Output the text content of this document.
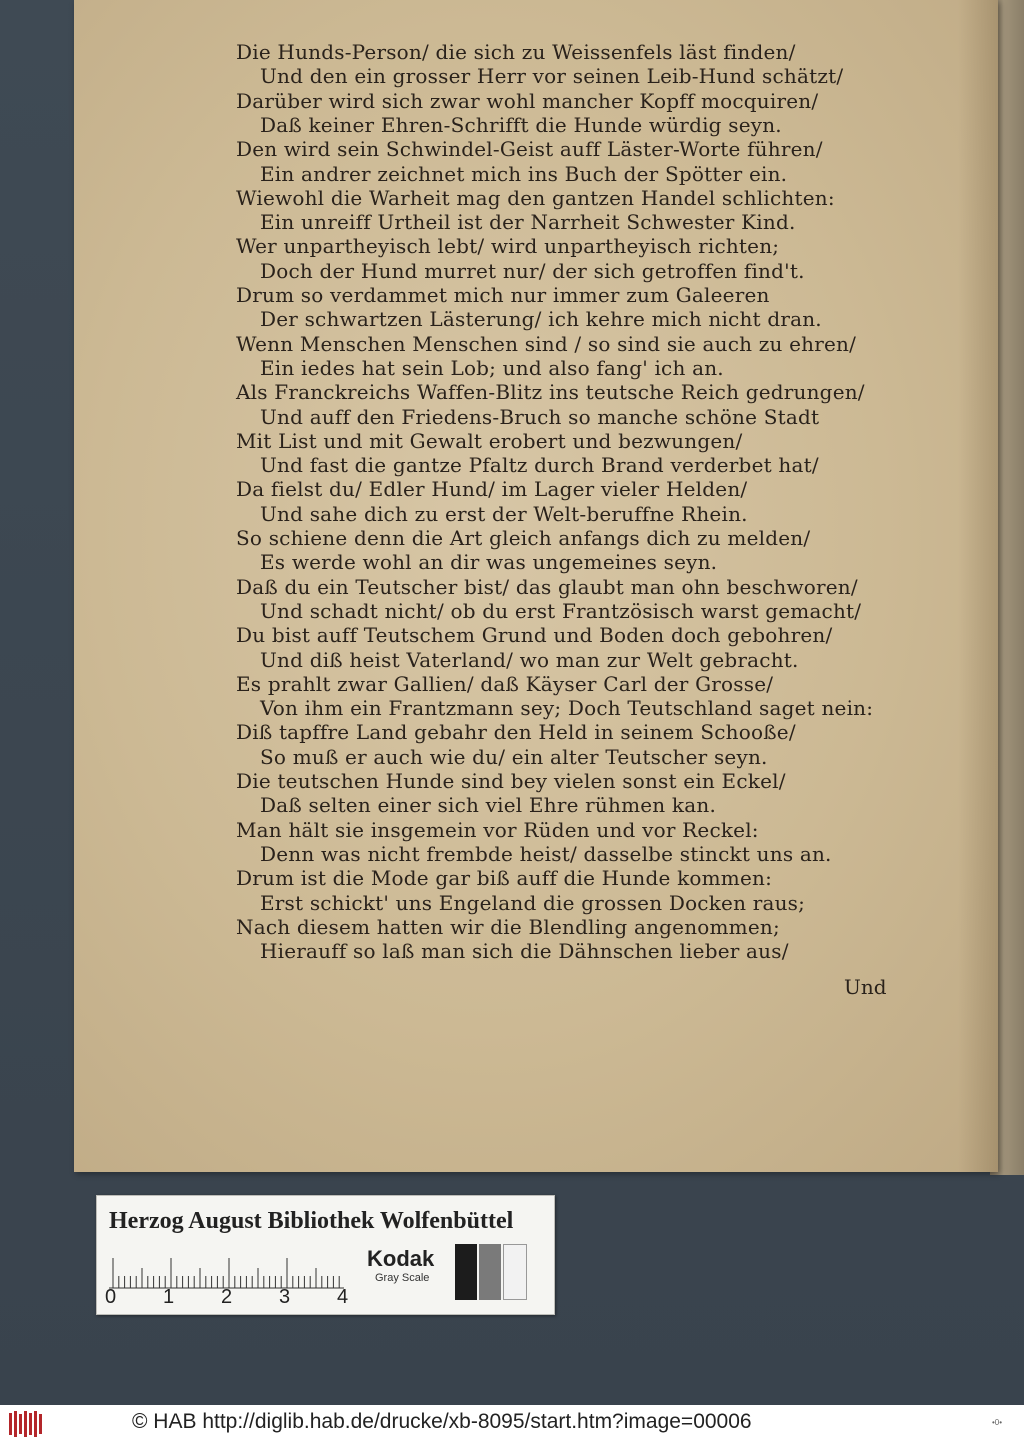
Die Hunds-Person/ die sich zu Weissenfels läst finden/
Und den ein grosser Herr vor seinen Leib-Hund schätzt/
Darüber wird sich zwar wohl mancher Kopff mocquiren/
Daß keiner Ehren-Schrifft die Hunde würdig seyn.
Den wird sein Schwindel-Geist auff Läster-Worte führen/
Ein andrer zeichnet mich ins Buch der Spötter ein.
Wiewohl die Warheit mag den gantzen Handel schlichten:
Ein unreiff Urtheil ist der Narrheit Schwester Kind.
Wer unpartheyisch lebt/ wird unpartheyisch richten;
Doch der Hund murret nur/ der sich getroffen find't.
Drum so verdammet mich nur immer zum Galeeren
Der schwartzen Lästerung/ ich kehre mich nicht dran.
Wenn Menschen Menschen sind / so sind sie auch zu ehren/
Ein iedes hat sein Lob; und also fang' ich an.
Als Franckreichs Waffen-Blitz ins teutsche Reich gedrungen/
Und auff den Friedens-Bruch so manche schöne Stadt
Mit List und mit Gewalt erobert und bezwungen/
Und fast die gantze Pfaltz durch Brand verderbet hat/
Da fielst du/ Edler Hund/ im Lager vieler Helden/
Und sahe dich zu erst der Welt-beruffne Rhein.
So schiene denn die Art gleich anfangs dich zu melden/
Es werde wohl an dir was ungemeines seyn.
Daß du ein Teutscher bist/ das glaubt man ohn beschworen/
Und schadt nicht/ ob du erst Frantzösisch warst gemacht/
Du bist auff Teutschem Grund und Boden doch gebohren/
Und diß heist Vaterland/ wo man zur Welt gebracht.
Es prahlt zwar Gallien/ daß Käyser Carl der Grosse/
Von ihm ein Frantzmann sey; Doch Teutschland saget nein:
Diß tapffre Land gebahr den Held in seinem Schooße/
So muß er auch wie du/ ein alter Teutscher seyn.
Die teutschen Hunde sind bey vielen sonst ein Eckel/
Daß selten einer sich viel Ehre rühmen kan.
Man hält sie insgemein vor Rüden und vor Reckel:
Denn was nicht frembde heist/ dasselbe stinckt uns an.
Drum ist die Mode gar biß auff die Hunde kommen:
Erst schickt' uns Engeland die grossen Docken raus;
Nach diesem hatten wir die Blendling angenommen;
Hierauff so laß man sich die Dähnschen lieber aus/
Und
Herzog August Bibliothek Wolfenbüttel
0 1 2 3 4
Kodak
Gray Scale
© HAB http://diglib.hab.de/drucke/xb-8095/start.htm?image=00006	•0•
